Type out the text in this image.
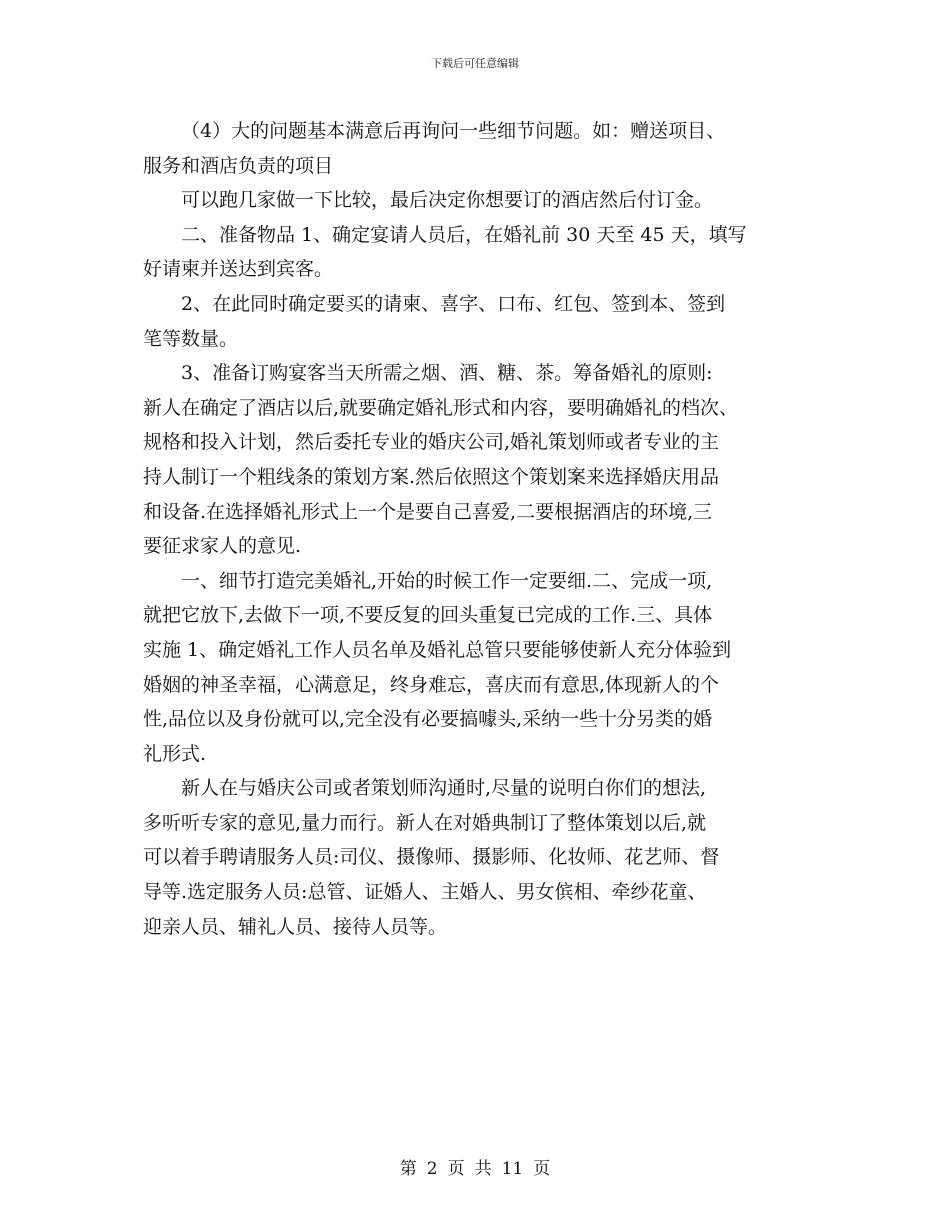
下载后可任意编辑
（4）大的问题基本满意后再询问一些细节问题。如：赠送项目、
服务和酒店负责的项目
可以跑几家做一下比较，最后决定你想要订的酒店然后付订金。
二、准备物品 1、确定宴请人员后，在婚礼前 30 天至 45 天，填写
好请柬并送达到宾客。
2、在此同时确定要买的请柬、喜字、口布、红包、签到本、签到
笔等数量。
3、准备订购宴客当天所需之烟、酒、糖、茶。筹备婚礼的原则:
新人在确定了酒店以后,就要确定婚礼形式和内容，要明确婚礼的档次、
规格和投入计划，然后委托专业的婚庆公司,婚礼策划师或者专业的主
持人制订一个粗线条的策划方案.然后依照这个策划案来选择婚庆用品
和设备.在选择婚礼形式上一个是要自己喜爱,二要根据酒店的环境,三
要征求家人的意见.
一、细节打造完美婚礼,开始的时候工作一定要细.二、完成一项,
就把它放下,去做下一项,不要反复的回头重复已完成的工作.三、具体
实施 1、确定婚礼工作人员名单及婚礼总管只要能够使新人充分体验到
婚姻的神圣幸福，心满意足，终身难忘，喜庆而有意思,体现新人的个
性,品位以及身份就可以,完全没有必要搞噱头,采纳一些十分另类的婚
礼形式.
新人在与婚庆公司或者策划师沟通时,尽量的说明白你们的想法,
多听听专家的意见,量力而行。新人在对婚典制订了整体策划以后,就
可以着手聘请服务人员:司仪、摄像师、摄影师、化妆师、花艺师、督
导等.选定服务人员:总管、证婚人、主婚人、男女傧相、牵纱花童、
迎亲人员、辅礼人员、接待人员等。
第 2 页 共 11 页
